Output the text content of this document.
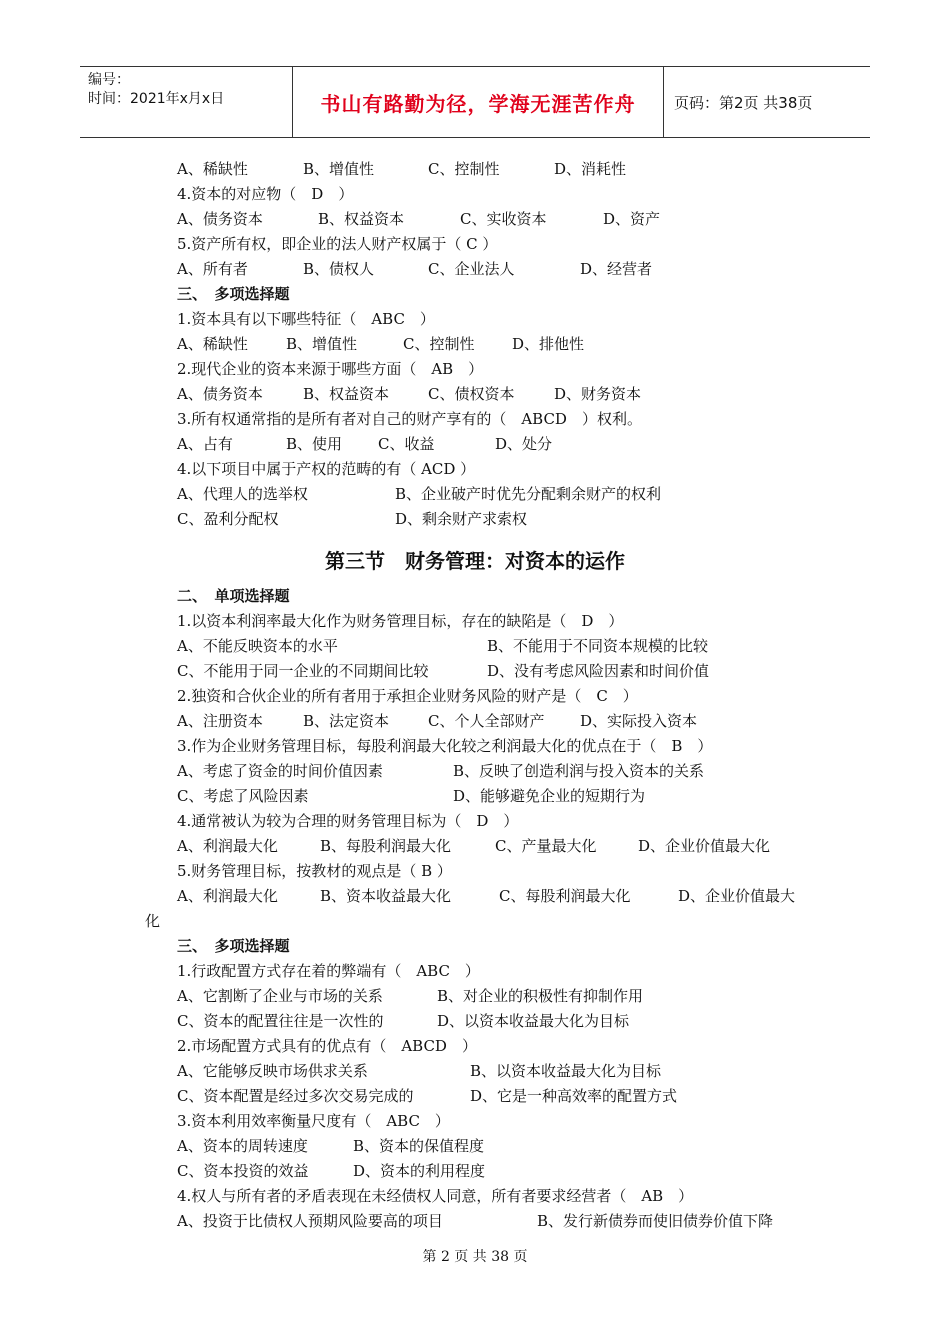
编号：
时间：2021年x月x日	书山有路勤为径，学海无涯苦作舟	页码：第2页 共38页
第三节　财务管理：对资本的运作
A、稀缺性	B、增值性	C、控制性	D、消耗性
4.资本的对应物（　D　）
A、债务资本	B、权益资本	C、实收资本	D、资产
5.资产所有权，即企业的法人财产权属于（ C ）
A、所有者	B、债权人	C、企业法人	D、经营者
三、　多项选择题
1.资本具有以下哪些特征（　ABC　）
A、稀缺性	B、增值性	C、控制性	D、排他性
2.现代企业的资本来源于哪些方面（　AB　）
A、债务资本	B、权益资本	C、债权资本	D、财务资本
3.所有权通常指的是所有者对自己的财产享有的（　ABCD　）权利。
A、占有	B、使用 C、收益	D、处分
4.以下项目中属于产权的范畴的有（ ACD ）
A、代理人的选举权	B、企业破产时优先分配剩余财产的权利
C、盈利分配权	D、剩余财产求索权
二、　单项选择题
1.以资本利润率最大化作为财务管理目标，存在的缺陷是（　D　）
A、不能反映资本的水平	B、不能用于不同资本规模的比较
C、不能用于同一企业的不同期间比较	D、没有考虑风险因素和时间价值
2.独资和合伙企业的所有者用于承担企业财务风险的财产是（　C　）
A、注册资本	B、法定资本	C、个人全部财产 D、实际投入资本
3.作为企业财务管理目标，每股利润最大化较之利润最大化的优点在于（　B　）
A、考虑了资金的时间价值因素	B、反映了创造利润与投入资本的关系
C、考虑了风险因素	D、能够避免企业的短期行为
4.通常被认为较为合理的财务管理目标为（　D　）
A、利润最大化	B、每股利润最大化	C、产量最大化	D、企业价值最大化
5.财务管理目标，按教材的观点是（ B ）
A、利润最大化	B、资本收益最大化	C、每股利润最大化	D、企业价值最大
化
三、　多项选择题
1.行政配置方式存在着的弊端有（　ABC　）
A、它割断了企业与市场的关系	B、对企业的积极性有抑制作用
C、资本的配置往往是一次性的	D、以资本收益最大化为目标
2.市场配置方式具有的优点有（　ABCD　）
A、它能够反映市场供求关系	B、以资本收益最大化为目标
C、资本配置是经过多次交易完成的	D、它是一种高效率的配置方式
3.资本利用效率衡量尺度有（　ABC　）
A、资本的周转速度	B、资本的保值程度
C、资本投资的效益	D、资本的利用程度
4.权人与所有者的矛盾表现在未经债权人同意，所有者要求经营者（　AB　）
A、投资于比债权人预期风险要高的项目	B、发行新债券而使旧债券价值下降
第 2 页 共 38 页
